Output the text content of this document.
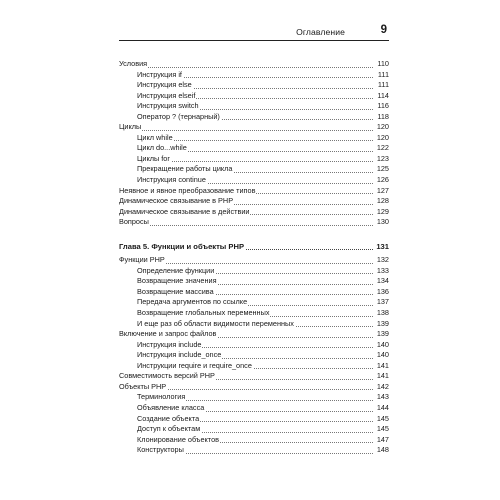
Оглавление	9
Условия	110
Инструкция if	111
Инструкция else	111
Инструкция elseif	114
Инструкция switch	116
Оператор ? (тернарный)	118
Циклы	120
Цикл while	120
Цикл do...while	122
Циклы for	123
Прекращение работы цикла	125
Инструкция continue	126
Неявное и явное преобразование типов	127
Динамическое связывание в PHP	128
Динамическое связывание в действии	129
Вопросы	130
Глава 5. Функции и объекты PHP	131
Функции PHP	132
Определение функции	133
Возвращение значения	134
Возвращение массива	136
Передача аргументов по ссылке	137
Возвращение глобальных переменных	138
И еще раз об области видимости переменных	139
Включение и запрос файлов	139
Инструкция include	140
Инструкция include_once	140
Инструкции require и require_once	141
Совместимость версий PHP	141
Объекты PHP	142
Терминология	143
Объявление класса	144
Создание объекта	145
Доступ к объектам	145
Клонирование объектов	147
Конструкторы	148
